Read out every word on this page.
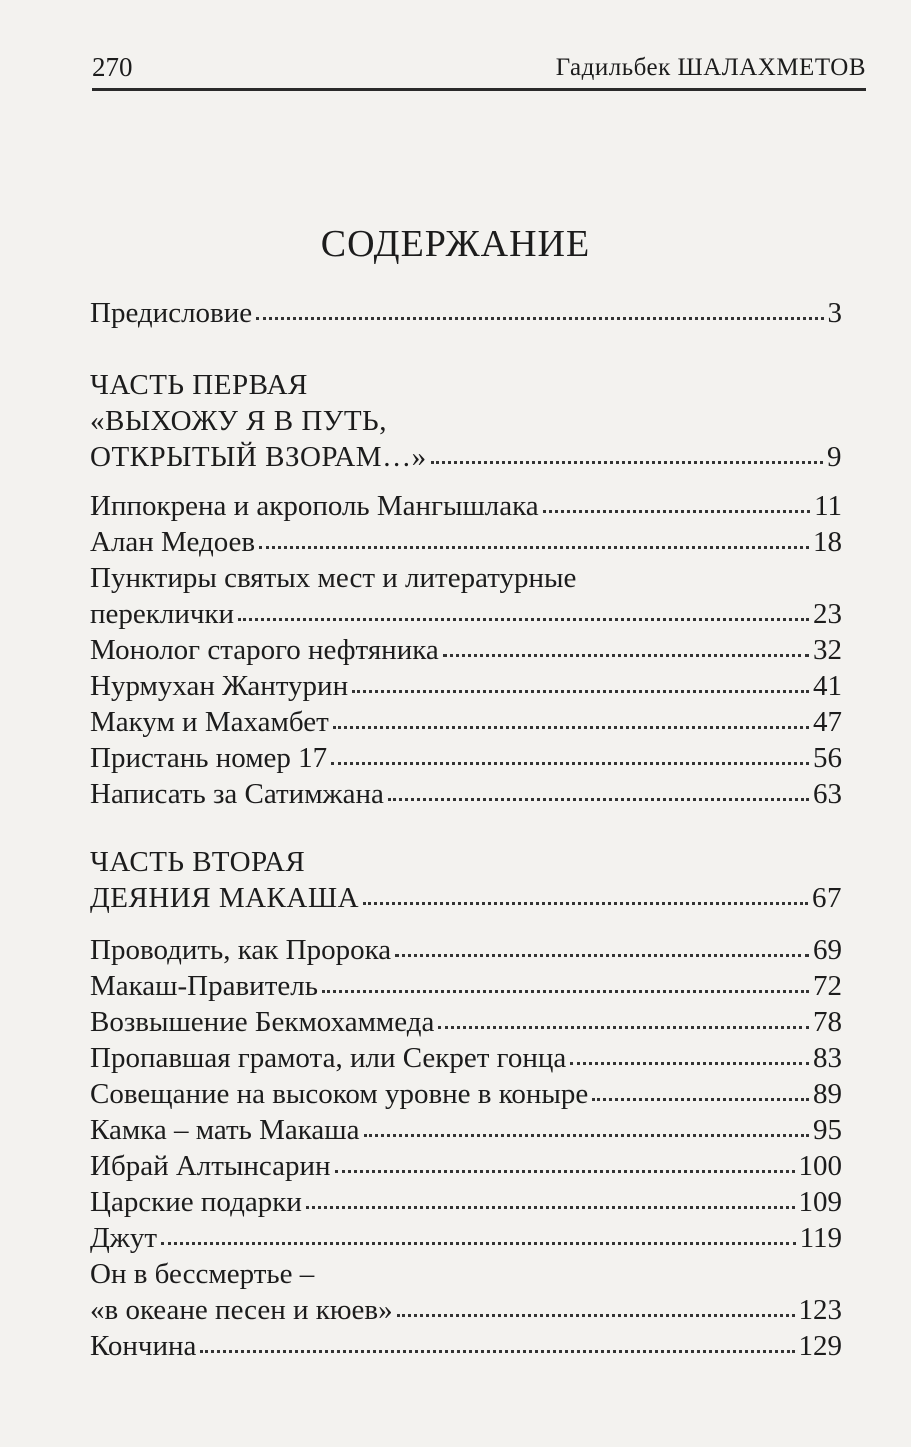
270	Гадильбек ШАЛАХМЕТОВ
СОДЕРЖАНИЕ
Предисловие	3
ЧАСТЬ ПЕРВАЯ
«ВЫХОЖУ Я В ПУТЬ,
ОТКРЫТЫЙ ВЗОРАМ…»	9
Иппокрена и акрополь Мангышлака	11
Алан Медоев	18
Пунктиры святых мест и литературные
переклички	23
Монолог старого нефтяника	32
Нурмухан Жантурин	41
Макум и Махамбет	47
Пристань номер 17	56
Написать за Сатимжана	63
ЧАСТЬ ВТОРАЯ
ДЕЯНИЯ МАКАША	67
Проводить, как Пророка	69
Макаш-Правитель	72
Возвышение Бекмохаммеда	78
Пропавшая грамота, или Секрет гонца	83
Совещание на высоком уровне в коныре	89
Камка – мать Макаша	95
Ибрай Алтынсарин	100
Царские подарки	109
Джут	119
Он в бессмертье –
«в океане песен и кюев»	123
Кончина	129
